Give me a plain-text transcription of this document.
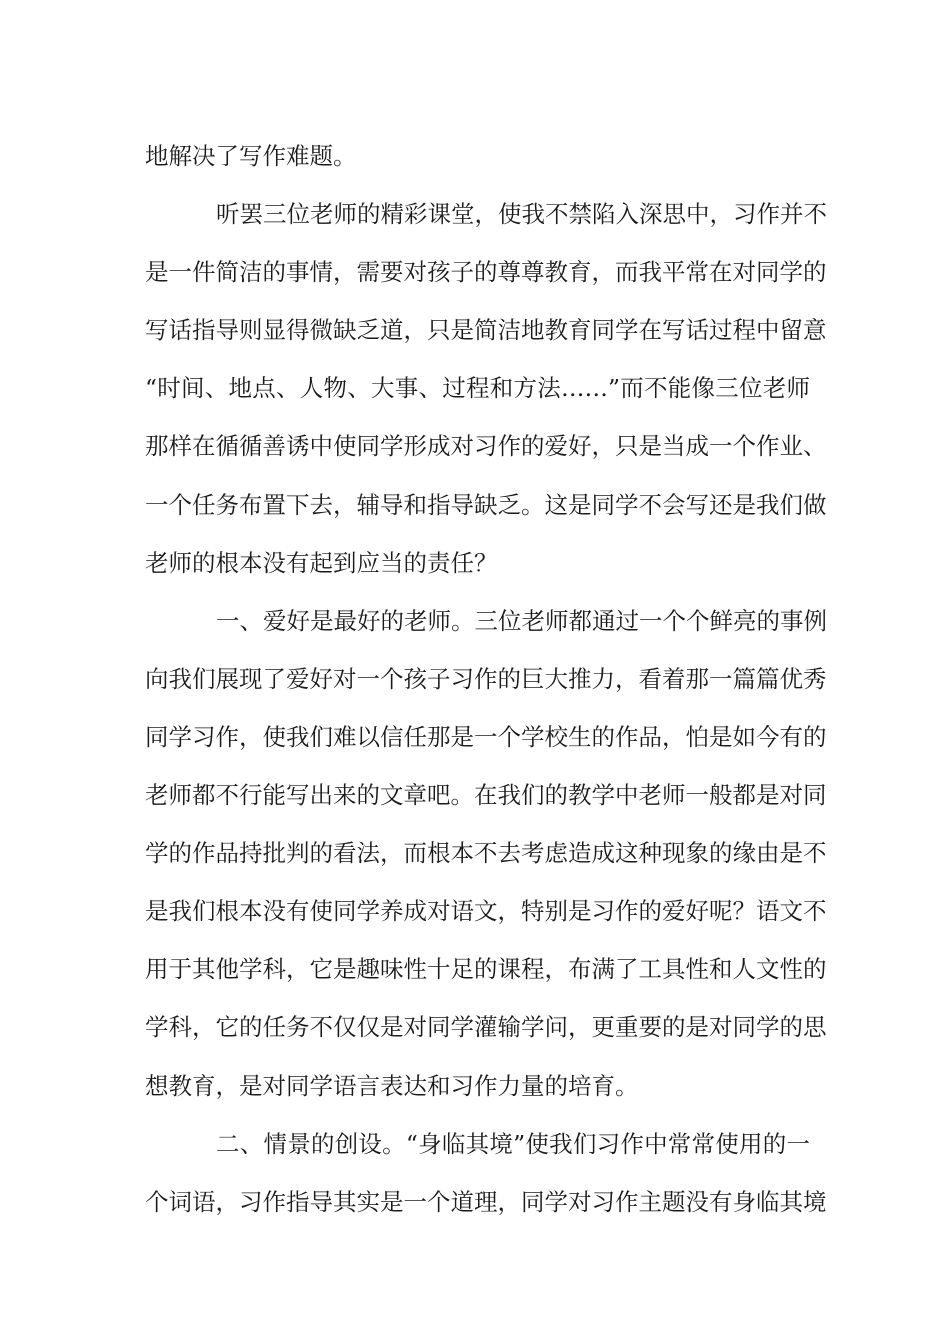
地解决了写作难题。
听罢三位老师的精彩课堂，使我不禁陷入深思中，习作并不
是一件简洁的事情，需要对孩子的尊尊教育，而我平常在对同学的
写话指导则显得微缺乏道，只是简洁地教育同学在写话过程中留意
“时间、地点、人物、大事、过程和方法……”而不能像三位老师
那样在循循善诱中使同学形成对习作的爱好，只是当成一个作业、
一个任务布置下去，辅导和指导缺乏。这是同学不会写还是我们做
老师的根本没有起到应当的责任？
一、爱好是最好的老师。三位老师都通过一个个鲜亮的事例
向我们展现了爱好对一个孩子习作的巨大推力，看着那一篇篇优秀
同学习作，使我们难以信任那是一个学校生的作品，怕是如今有的
老师都不行能写出来的文章吧。在我们的教学中老师一般都是对同
学的作品持批判的看法，而根本不去考虑造成这种现象的缘由是不
是我们根本没有使同学养成对语文，特别是习作的爱好呢？语文不
用于其他学科，它是趣味性十足的课程，布满了工具性和人文性的
学科，它的任务不仅仅是对同学灌输学问，更重要的是对同学的思
想教育，是对同学语言表达和习作力量的培育。
二、情景的创设。“身临其境”使我们习作中常常使用的一
个词语，习作指导其实是一个道理，同学对习作主题没有身临其境
